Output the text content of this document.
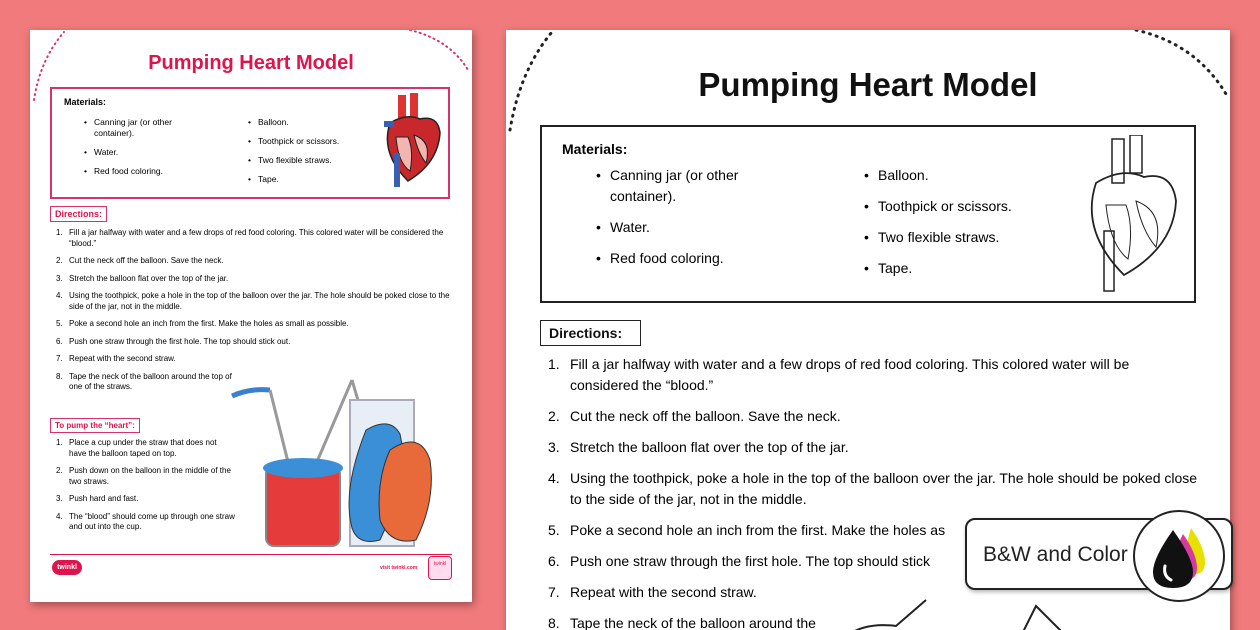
Pumping Heart Model
Materials:
• Canning jar (or other container).
• Water.
• Red food coloring.
• Balloon.
• Toothpick or scissors.
• Two flexible straws.
• Tape.
Directions:
1. Fill a jar halfway with water and a few drops of red food coloring. This colored water will be considered the “blood.”
2. Cut the neck off the balloon. Save the neck.
3. Stretch the balloon flat over the top of the jar.
4. Using the toothpick, poke a hole in the top of the balloon over the jar. The hole should be poked close to the side of the jar, not in the middle.
5. Poke a second hole an inch from the first. Make the holes as small as possible.
6. Push one straw through the first hole. The top should stick out.
7. Repeat with the second straw.
8. Tape the neck of the balloon around the top of one of the straws.
To pump the “heart”:
1. Place a cup under the straw that does not have the balloon taped on top.
2. Push down on the balloon in the middle of the two straws.
3. Push hard and fast.
4. The “blood” should come up through one straw and out into the cup.
twinkl	visit twinkl.com
twinkl
Pumping Heart Model
Materials:
• Canning jar (or other container).
• Water.
• Red food coloring.
• Balloon.
• Toothpick or scissors.
• Two flexible straws.
• Tape.
Directions:
1. Fill a jar halfway with water and a few drops of red food coloring. This colored water will be considered the “blood.”
2. Cut the neck off the balloon. Save the neck.
3. Stretch the balloon flat over the top of the jar.
4. Using the toothpick, poke a hole in the top of the balloon over the jar. The hole should be poked close to the side of the jar, not in the middle.
5. Poke a second hole an inch from the first. Make the holes as
6. Push one straw through the first hole. The top should stick
7. Repeat with the second straw.
8. Tape the neck of the balloon around the
B&W and Color
